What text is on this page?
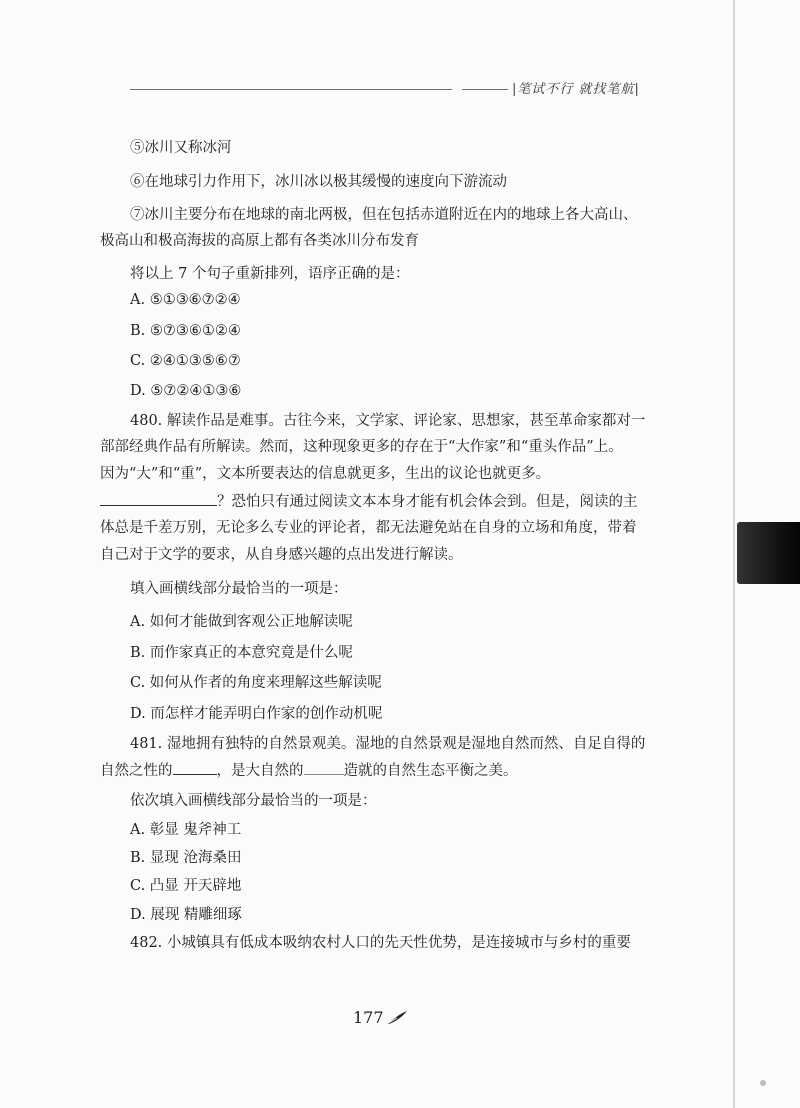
|笔试不行 就找笔航|
⑤冰川又称冰河
⑥在地球引力作用下，冰川冰以极其缓慢的速度向下游流动
⑦冰川主要分布在地球的南北两极，但在包括赤道附近在内的地球上各大高山、
极高山和极高海拔的高原上都有各类冰川分布发育
将以上 7 个句子重新排列，语序正确的是：
A. ⑤①③⑥⑦②④
B. ⑤⑦③⑥①②④
C. ②④①③⑤⑥⑦
D. ⑤⑦②④①③⑥
480. 解读作品是难事。古往今来，文学家、评论家、思想家，甚至革命家都对一
部部经典作品有所解读。然而，这种现象更多的存在于“大作家”和“重头作品”上。
因为“大”和“重”，文本所要表达的信息就更多，生出的议论也就更多。
？恐怕只有通过阅读文本本身才能有机会体会到。但是，阅读的主
体总是千差万别，无论多么专业的评论者，都无法避免站在自身的立场和角度，带着
自己对于文学的要求，从自身感兴趣的点出发进行解读。
填入画横线部分最恰当的一项是：
A. 如何才能做到客观公正地解读呢
B. 而作家真正的本意究竟是什么呢
C. 如何从作者的角度来理解这些解读呢
D. 而怎样才能弄明白作家的创作动机呢
481. 湿地拥有独特的自然景观美。湿地的自然景观是湿地自然而然、自足自得的
自然之性的	，是大自然的	造就的自然生态平衡之美。
依次填入画横线部分最恰当的一项是：
A. 彰显 鬼斧神工
B. 显现 沧海桑田
C. 凸显 开天辟地
D. 展现 精雕细琢
482. 小城镇具有低成本吸纳农村人口的先天性优势，是连接城市与乡村的重要
177
